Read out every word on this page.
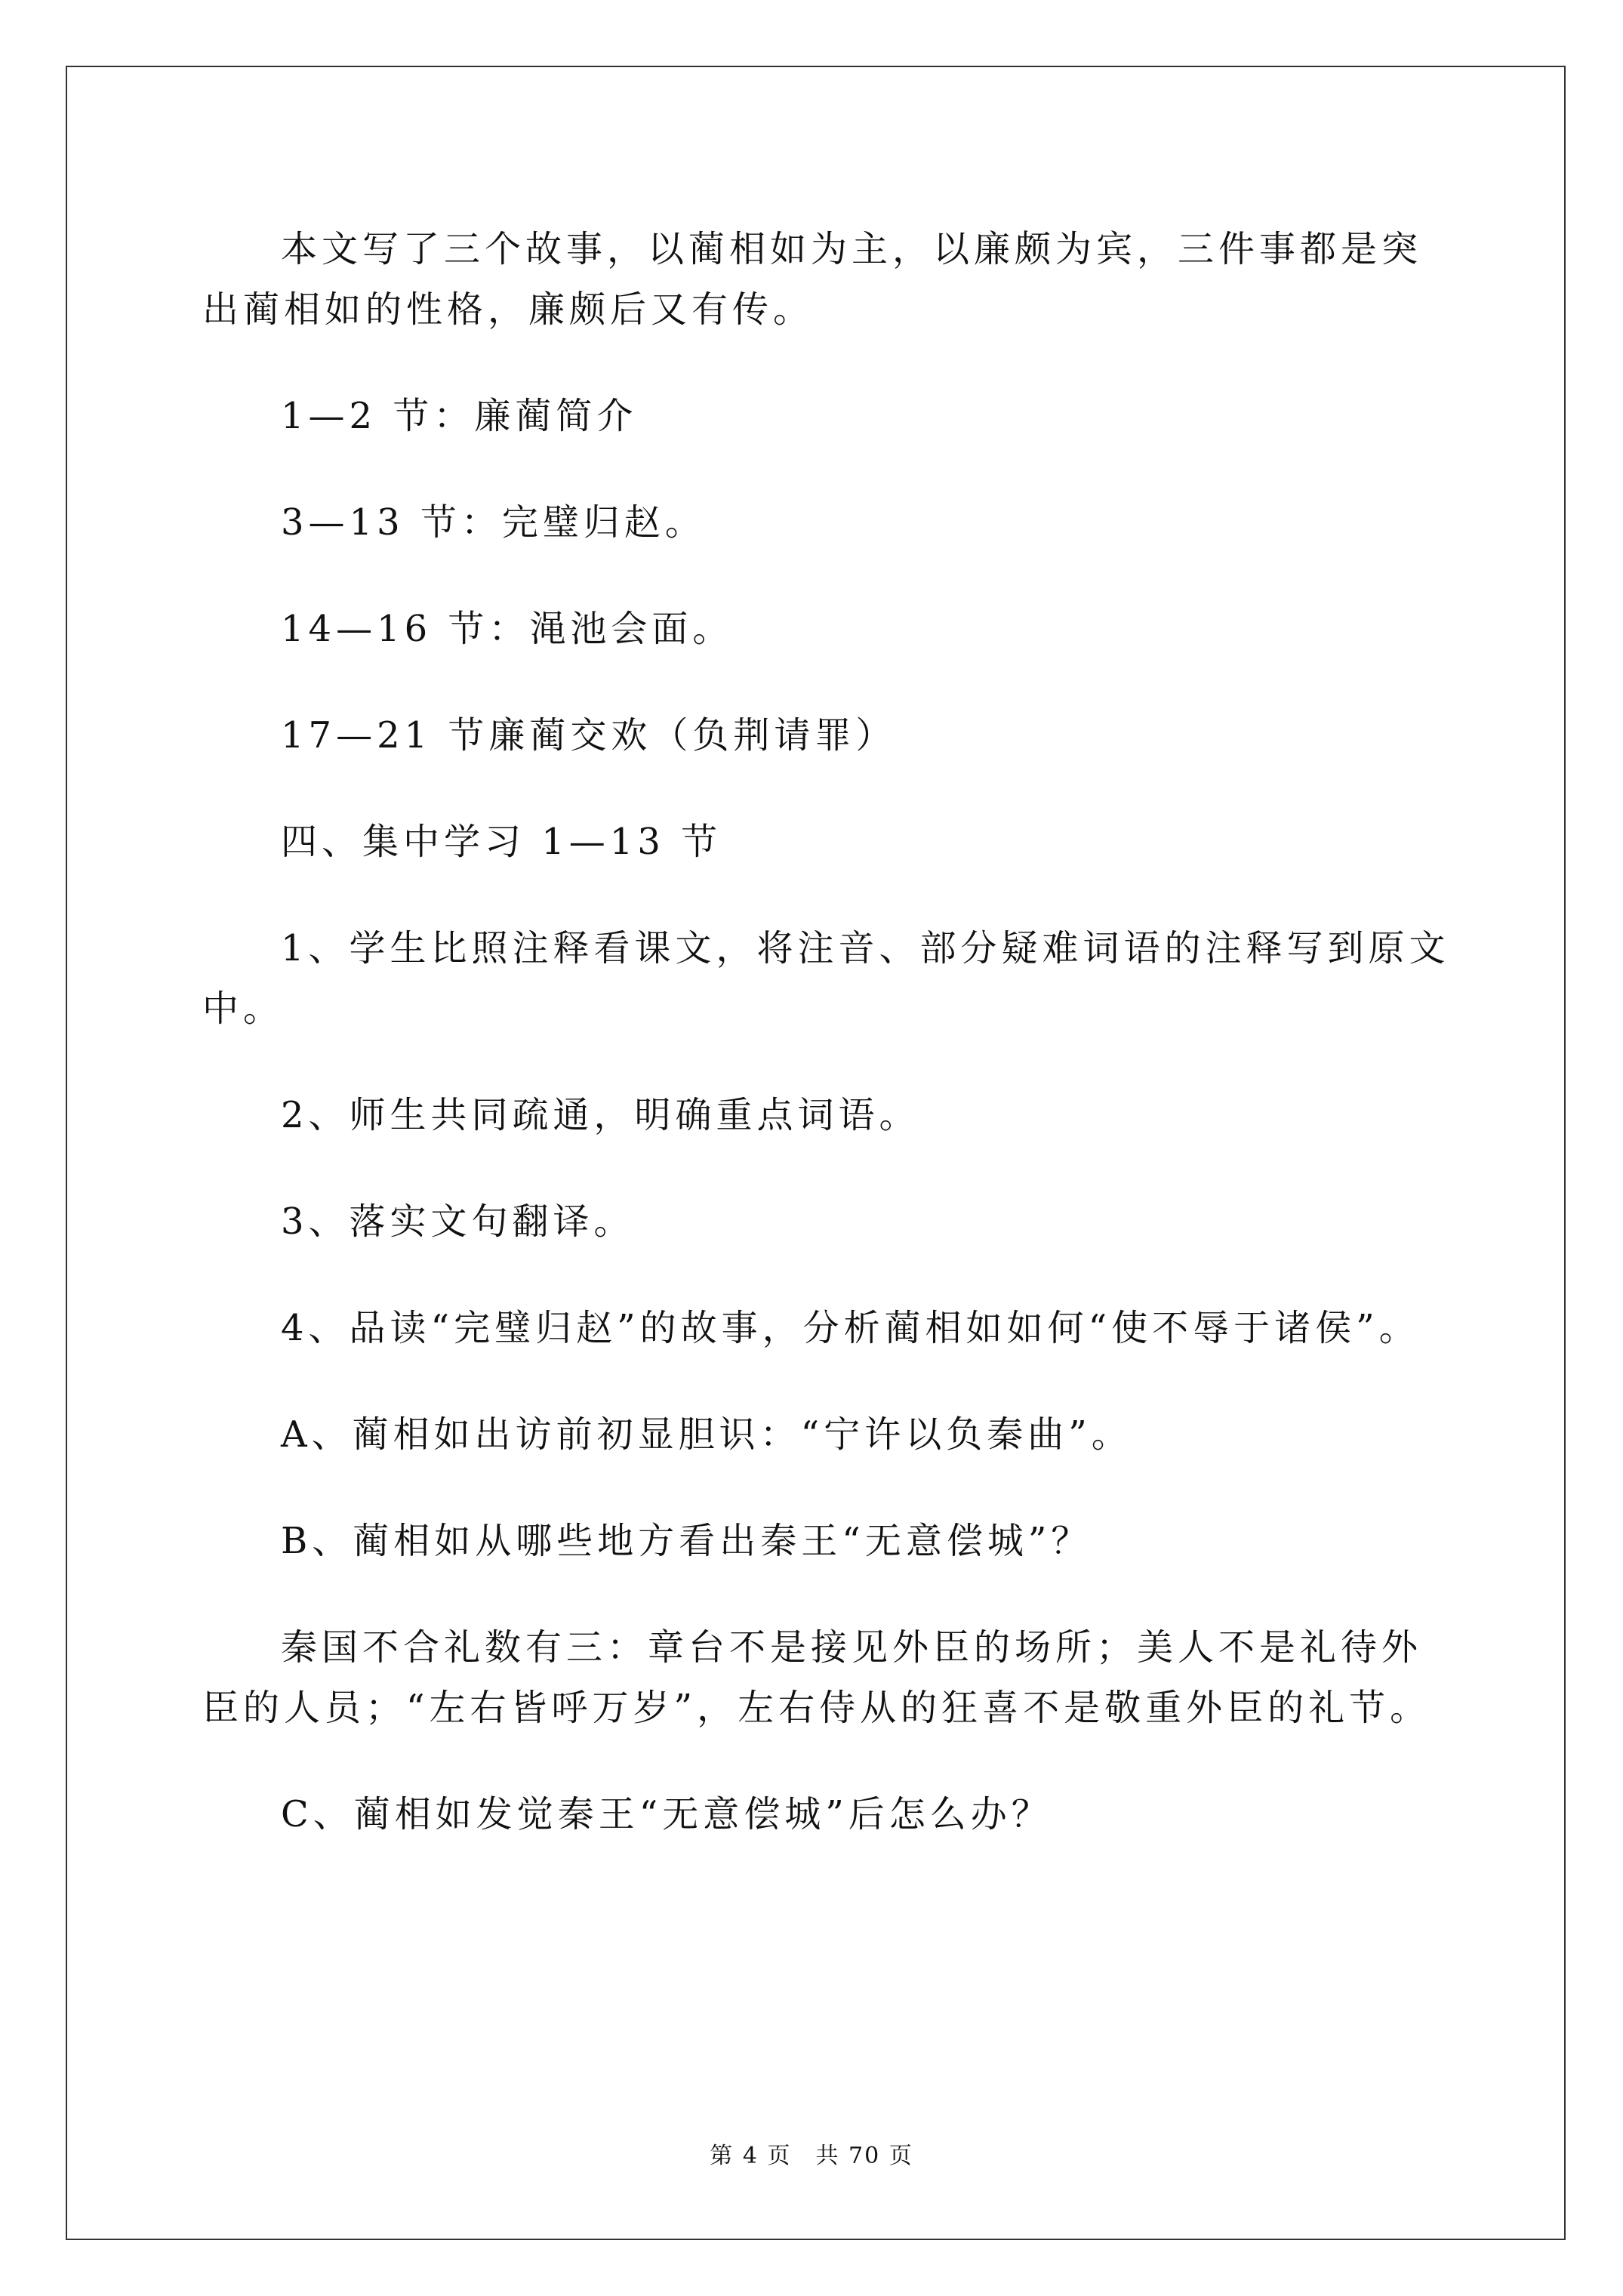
本文写了三个故事，以蔺相如为主，以廉颇为宾，三件事都是突
出蔺相如的性格，廉颇后又有传。

1—2 节：廉蔺简介

3—13 节：完璧归赵。

14—16 节：渑池会面。

17—21 节廉蔺交欢（负荆请罪）

四、集中学习 1—13 节

1、学生比照注释看课文，将注音、部分疑难词语的注释写到原文
中。

2、师生共同疏通，明确重点词语。

3、落实文句翻译。

4、品读“完璧归赵”的故事，分析蔺相如如何“使不辱于诸侯”。

A、蔺相如出访前初显胆识：“宁许以负秦曲”。

B、蔺相如从哪些地方看出秦王“无意偿城”？

秦国不合礼数有三：章台不是接见外臣的场所；美人不是礼待外
臣的人员；“左右皆呼万岁”，左右侍从的狂喜不是敬重外臣的礼节。

C、蔺相如发觉秦王“无意偿城”后怎么办？

第 4 页　共 70 页
